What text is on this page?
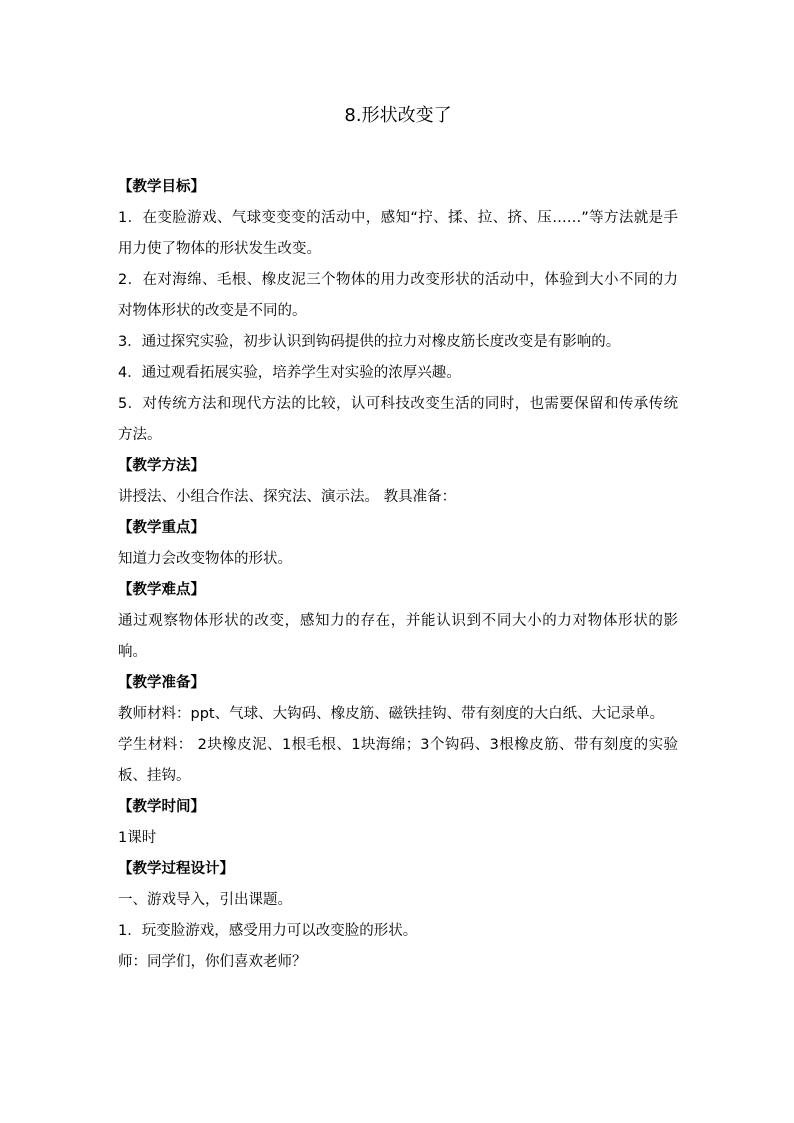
8.形状改变了

【教学目标】

1．在变脸游戏、气球变变变的活动中，感知“拧、揉、拉、挤、压……”等方法就是手用力使了物体的形状发生改变。

2．在对海绵、毛根、橡皮泥三个物体的用力改变形状的活动中，体验到大小不同的力对物体形状的改变是不同的。

3．通过探究实验，初步认识到钩码提供的拉力对橡皮筋长度改变是有影响的。

4．通过观看拓展实验，培养学生对实验的浓厚兴趣。

5．对传统方法和现代方法的比较，认可科技改变生活的同时，也需要保留和传承传统方法。

【教学方法】

讲授法、小组合作法、探究法、演示法。 教具准备：

【教学重点】

知道力会改变物体的形状。

【教学难点】

通过观察物体形状的改变，感知力的存在，并能认识到不同大小的力对物体形状的影响。

【教学准备】

教师材料：ppt、气球、大钩码、橡皮筋、磁铁挂钩、带有刻度的大白纸、大记录单。

学生材料： 2块橡皮泥、1根毛根、1块海绵；3个钩码、3根橡皮筋、带有刻度的实验板、挂钩。

【教学时间】

1课时

【教学过程设计】

一、游戏导入，引出课题。

1．玩变脸游戏，感受用力可以改变脸的形状。

师：同学们，你们喜欢老师？
